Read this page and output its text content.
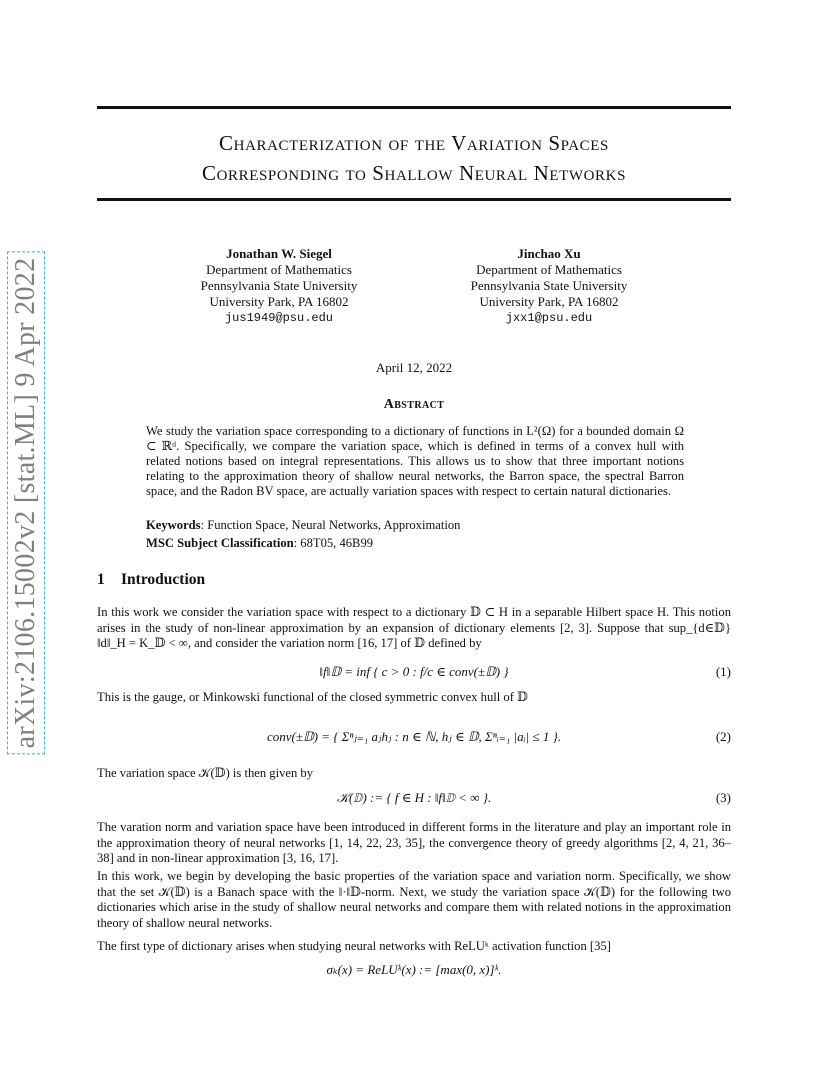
Characterization of the Variation Spaces
Corresponding to Shallow Neural Networks
Jonathan W. Siegel
Department of Mathematics
Pennsylvania State University
University Park, PA 16802
jus1949@psu.edu
Jinchao Xu
Department of Mathematics
Pennsylvania State University
University Park, PA 16802
jxx1@psu.edu
April 12, 2022
Abstract
We study the variation space corresponding to a dictionary of functions in L²(Ω) for a bounded domain Ω ⊂ ℝᵈ. Specifically, we compare the variation space, which is defined in terms of a convex hull with related notions based on integral representations. This allows us to show that three important notions relating to the approximation theory of shallow neural networks, the Barron space, the spectral Barron space, and the Radon BV space, are actually variation spaces with respect to certain natural dictionaries.
Keywords: Function Space, Neural Networks, Approximation
MSC Subject Classification: 68T05, 46B99
1 Introduction
In this work we consider the variation space with respect to a dictionary 𝔻 ⊂ H in a separable Hilbert space H. This notion arises in the study of non-linear approximation by an expansion of dictionary elements [2, 3]. Suppose that sup_{d∈𝔻} ‖d‖_H = K_𝔻 < ∞, and consider the variation norm [16, 17] of 𝔻 defined by
‖f‖𝔻 = inf { c > 0 : f/c ∈ conv(±𝔻) }	(1)
This is the gauge, or Minkowski functional of the closed symmetric convex hull of 𝔻
conv(±𝔻) = { Σⁿⱼ₌₁ aⱼhⱼ : n ∈ ℕ, hⱼ ∈ 𝔻, Σⁿᵢ₌₁ |aᵢ| ≤ 1 }.	(2)
The variation space 𝒦(𝔻) is then given by
𝒦(𝔻) := { f ∈ H : ‖f‖𝔻 < ∞ }.	(3)
The varation norm and variation space have been introduced in different forms in the literature and play an important role in the approximation theory of neural networks [1, 14, 22, 23, 35], the convergence theory of greedy algorithms [2, 4, 21, 36–38] and in non-linear approximation [3, 16, 17].
In this work, we begin by developing the basic properties of the variation space and variation norm. Specifically, we show that the set 𝒦(𝔻) is a Banach space with the ‖·‖𝔻-norm. Next, we study the variation space 𝒦(𝔻) for the following two dictionaries which arise in the study of shallow neural networks and compare them with related notions in the approximation theory of shallow neural networks.
The first type of dictionary arises when studying neural networks with ReLUᵏ activation function [35]
σₖ(x) = ReLUᵏ(x) := [max(0, x)]ᵏ.
arXiv:2106.15002v2 [stat.ML] 9 Apr 2022
